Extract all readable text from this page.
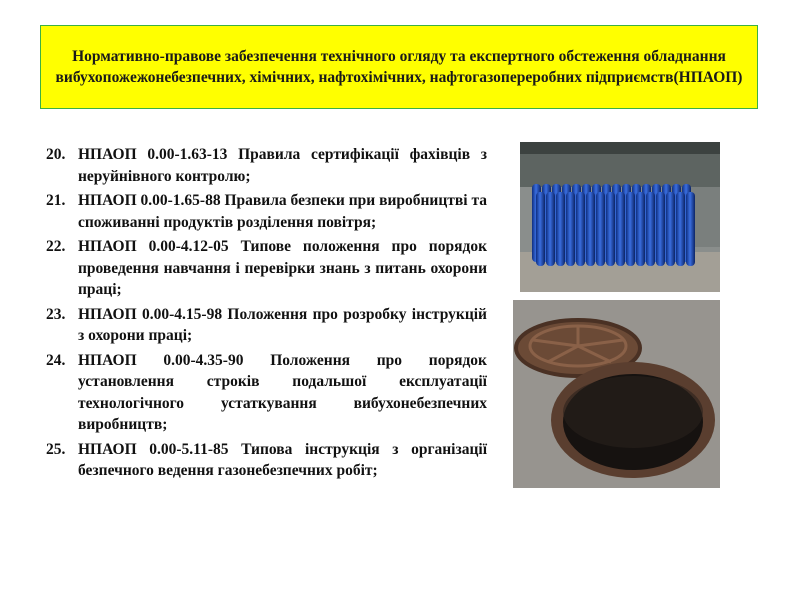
Нормативно-правове забезпечення технічного огляду та експертного обстеження обладнання вибухопожежонебезпечних, хімічних, нафтохімічних, нафтогазопереробних підприємств(НПАОП)
20. НПАОП 0.00-1.63-13 Правила сертифікації фахівців з неруйнівного контролю;
21. НПАОП 0.00-1.65-88 Правила безпеки при виробництві та споживанні продуктів розділення повітря;
22. НПАОП 0.00-4.12-05 Типове положення про порядок проведення навчання і перевірки знань з питань охорони праці;
23. НПАОП 0.00-4.15-98 Положення про розробку інструкцій з охорони праці;
24. НПАОП 0.00-4.35-90 Положення про порядок установлення строків подальшої експлуатації технологічного устаткування вибухонебезпечних виробництв;
25. НПАОП 0.00-5.11-85 Типова інструкція з організації безпечного ведення газонебезпечних робіт;
